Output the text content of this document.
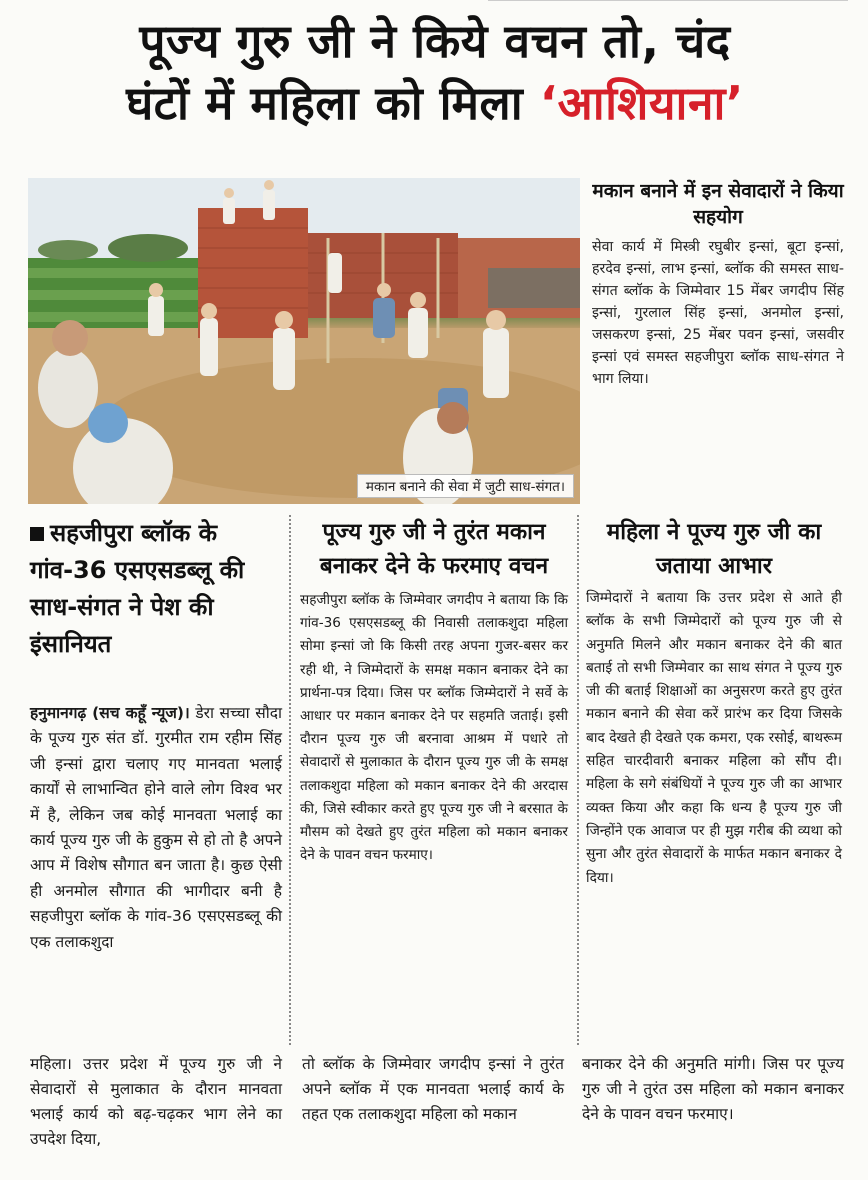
पूज्य गुरु जी ने किये वचन तो, चंद
घंटों में महिला को मिला ‘आशियाना’
मकान बनाने की सेवा में जुटी साध-संगत।
मकान बनाने में इन सेवादारों ने किया सहयोग
सेवा कार्य में मिस्त्री रघुबीर इन्सां, बूटा इन्सां, हरदेव इन्सां, लाभ इन्सां, ब्लॉक की समस्त साध-संगत ब्लॉक के जिम्मेवार 15 मेंबर जगदीप सिंह इन्सां, गुरलाल सिंह इन्सां, अनमोल इन्सां, जसकरण इन्सां, 25 मेंबर पवन इन्सां, जसवीर इन्सां एवं समस्त सहजीपुरा ब्लॉक साध-संगत ने भाग लिया।
सहजीपुरा ब्लॉक के गांव-36 एसएसडब्लू की साध-संगत ने पेश की इंसानियत
हनुमानगढ़ (सच कहूँ न्यूज)। डेरा सच्चा सौदा के पूज्य गुरु संत डॉ. गुरमीत राम रहीम सिंह जी इन्सां द्वारा चलाए गए मानवता भलाई कार्यों से लाभान्वित होने वाले लोग विश्व भर में है, लेकिन जब कोई मानवता भलाई का कार्य पूज्य गुरु जी के हुकुम से हो तो है अपने आप में विशेष सौगात बन जाता है। कुछ ऐसी ही अनमोल सौगात की भागीदार बनी है सहजीपुरा ब्लॉक के गांव-36 एसएसडब्लू की एक तलाकशुदा
पूज्य गुरु जी ने तुरंत मकान बनाकर देने के फरमाए वचन
सहजीपुरा ब्लॉक के जिम्मेवार जगदीप ने बताया कि कि गांव-36 एसएसडब्लू की निवासी तलाकशुदा महिला सोमा इन्सां जो कि किसी तरह अपना गुजर-बसर कर रही थी, ने जिम्मेदारों के समक्ष मकान बनाकर देने का प्रार्थना-पत्र दिया। जिस पर ब्लॉक जिम्मेदारों ने सर्वे के आधार पर मकान बनाकर देने पर सहमति जताई। इसी दौरान पूज्य गुरु जी बरनावा आश्रम में पधारे तो सेवादारों से मुलाकात के दौरान पूज्य गुरु जी के समक्ष तलाकशुदा महिला को मकान बनाकर देने की अरदास की, जिसे स्वीकार करते हुए पूज्य गुरु जी ने बरसात के मौसम को देखते हुए तुरंत महिला को मकान बनाकर देने के पावन वचन फरमाए।
महिला ने पूज्य गुरु जी का जताया आभार
जिम्मेदारों ने बताया कि उत्तर प्रदेश से आते ही ब्लॉक के सभी जिम्मेदारों को पूज्य गुरु जी से अनुमति मिलने और मकान बनाकर देने की बात बताई तो सभी जिम्मेवार का साथ संगत ने पूज्य गुरु जी की बताई शिक्षाओं का अनुसरण करते हुए तुरंत मकान बनाने की सेवा करें प्रारंभ कर दिया जिसके बाद देखते ही देखते एक कमरा, एक रसोई, बाथरूम सहित चारदीवारी बनाकर महिला को सौंप दी। महिला के सगे संबंधियों ने पूज्य गुरु जी का आभार व्यक्त किया और कहा कि धन्य है पूज्य गुरु जी जिन्होंने एक आवाज पर ही मुझ गरीब की व्यथा को सुना और तुरंत सेवादारों के मार्फत मकान बनाकर दे दिया।
महिला। उत्तर प्रदेश में पूज्य गुरु जी ने सेवादारों से मुलाकात के दौरान मानवता भलाई कार्य को बढ़-चढ़कर भाग लेने का उपदेश दिया,
तो ब्लॉक के जिम्मेवार जगदीप इन्सां ने तुरंत अपने ब्लॉक में एक मानवता भलाई कार्य के तहत एक तलाकशुदा महिला को मकान
बनाकर देने की अनुमति मांगी। जिस पर पूज्य गुरु जी ने तुरंत उस महिला को मकान बनाकर देने के पावन वचन फरमाए।
